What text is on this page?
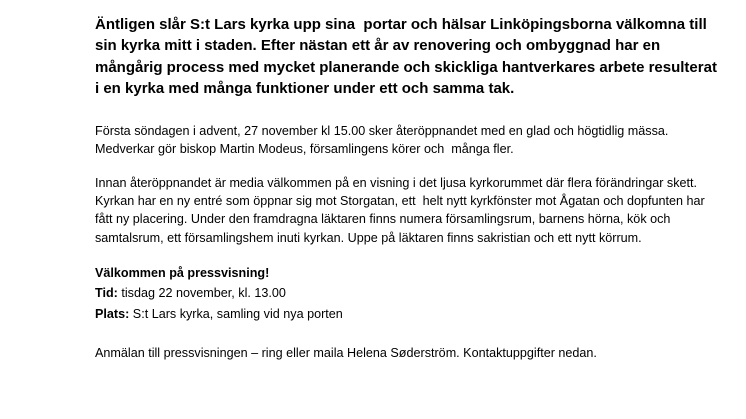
Äntligen slår S:t Lars kyrka upp sina  portar och hälsar Linköpingsborna välkomna till sin kyrka mitt i staden. Efter nästan ett år av renovering och ombyggnad har en mångårig process med mycket planerande och skickliga hantverkares arbete resulterat i en kyrka med många funktioner under ett och samma tak.

Första söndagen i advent, 27 november kl 15.00 sker återöppnandet med en glad och högtidlig mässa. Medverkar gör biskop Martin Modeus, församlingens körer och  många fler.

Innan återöppnandet är media välkommen på en visning i det ljusa kyrkorummet där flera förändringar skett. Kyrkan har en ny entré som öppnar sig mot Storgatan, ett  helt nytt kyrkfönster mot Ågatan och dopfunten har fått ny placering. Under den framdragna läktaren finns numera församlingsrum, barnens hörna, kök och samtalsrum, ett församlingshem inuti kyrkan. Uppe på läktaren finns sakristian och ett nytt körrum.

Välkommen på pressvisning!
Tid: tisdag 22 november, kl. 13.00
Plats: S:t Lars kyrka, samling vid nya porten

Anmälan till pressvisningen – ring eller maila Helena Søderström. Kontaktuppgifter nedan.
